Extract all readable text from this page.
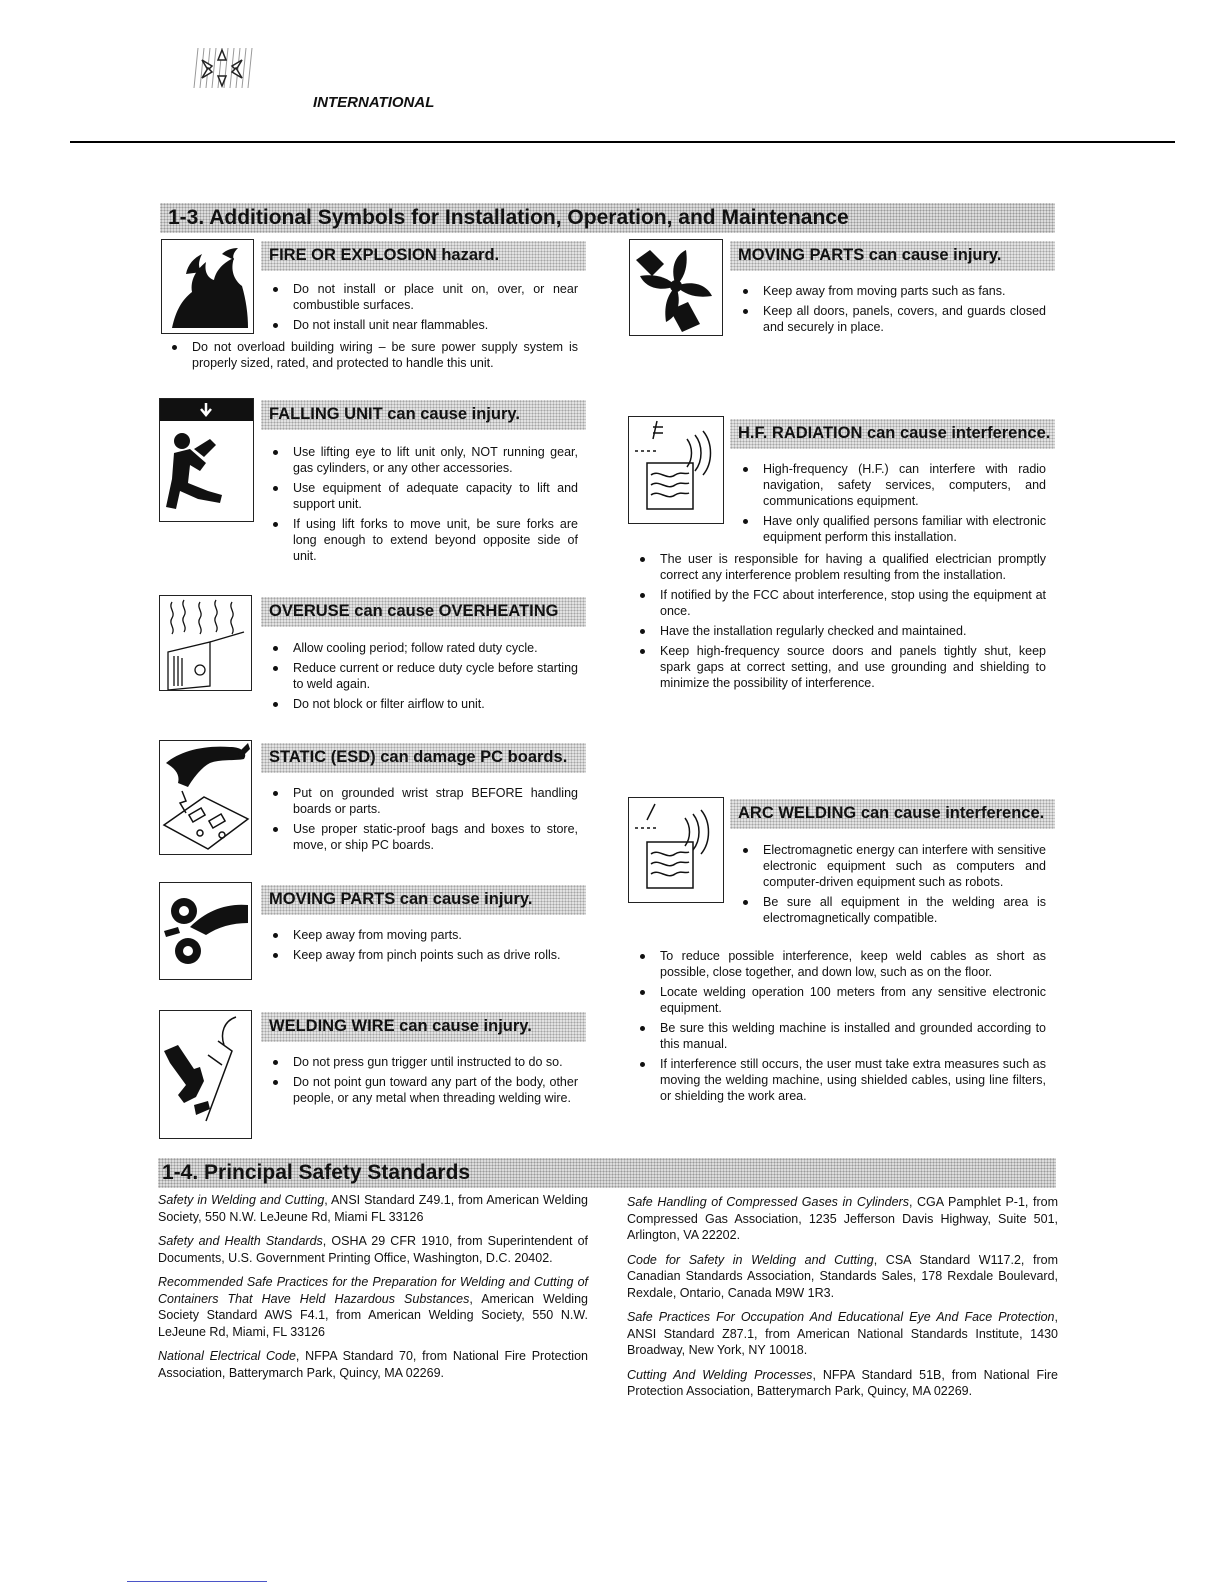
INTERNATIONAL
1-3. Additional Symbols for Installation, Operation, and Maintenance
FIRE OR EXPLOSION hazard.
Do not install or place unit on, over, or near combustible surfaces.
Do not install unit near flammables.
Do not overload building wiring – be sure power supply system is properly sized, rated, and protected to handle this unit.
MOVING PARTS can cause injury.
Keep away from moving parts such as fans.
Keep all doors, panels, covers, and guards closed and securely in place.
FALLING UNIT can cause injury.
Use lifting eye to lift unit only, NOT running gear, gas cylinders, or any other accessories.
Use equipment of adequate capacity to lift and support unit.
If using lift forks to move unit, be sure forks are long enough to extend beyond opposite side of unit.
H.F. RADIATION can cause interference.
High-frequency (H.F.) can interfere with radio navigation, safety services, computers, and communications equipment.
Have only qualified persons familiar with electronic equipment perform this installation.
The user is responsible for having a qualified electrician promptly correct any interference problem resulting from the installation.
If notified by the FCC about interference, stop using the equipment at once.
Have the installation regularly checked and maintained.
Keep high-frequency source doors and panels tightly shut, keep spark gaps at correct setting, and use grounding and shielding to minimize the possibility of interference.
OVERUSE can cause OVERHEATING
Allow cooling period; follow rated duty cycle.
Reduce current or reduce duty cycle before starting to weld again.
Do not block or filter airflow to unit.
STATIC (ESD) can damage PC boards.
Put on grounded wrist strap BEFORE handling boards or parts.
Use proper static-proof bags and boxes to store, move, or ship PC boards.
ARC WELDING can cause interference.
Electromagnetic energy can interfere with sensitive electronic equipment such as computers and computer-driven equipment such as robots.
Be sure all equipment in the welding area is electromagnetically compatible.
To reduce possible interference, keep weld cables as short as possible, close together, and down low, such as on the floor.
Locate welding operation 100 meters from any sensitive electronic equipment.
Be sure this welding machine is installed and grounded according to this manual.
If interference still occurs, the user must take extra measures such as moving the welding machine, using shielded cables, using line filters, or shielding the work area.
MOVING PARTS can cause injury.
Keep away from moving parts.
Keep away from pinch points such as drive rolls.
WELDING WIRE can cause injury.
Do not press gun trigger until instructed to do so.
Do not point gun toward any part of the body, other people, or any metal when threading welding wire.
1-4. Principal Safety Standards

Safety in Welding and Cutting, ANSI Standard Z49.1, from American Welding Society, 550 N.W. LeJeune Rd, Miami FL 33126

Safety and Health Standards, OSHA 29 CFR 1910, from Superintendent of Documents, U.S. Government Printing Office, Washington, D.C. 20402.

Recommended Safe Practices for the Preparation for Welding and Cutting of Containers That Have Held Hazardous Substances, American Welding Society Standard AWS F4.1, from American Welding Society, 550 N.W. LeJeune Rd, Miami, FL 33126

National Electrical Code, NFPA Standard 70, from National Fire Protection Association, Batterymarch Park, Quincy, MA 02269.

Safe Handling of Compressed Gases in Cylinders, CGA Pamphlet P-1, from Compressed Gas Association, 1235 Jefferson Davis Highway, Suite 501, Arlington, VA 22202.

Code for Safety in Welding and Cutting, CSA Standard W117.2, from Canadian Standards Association, Standards Sales, 178 Rexdale Boulevard, Rexdale, Ontario, Canada M9W 1R3.

Safe Practices For Occupation And Educational Eye And Face Protection, ANSI Standard Z87.1, from American National Standards Institute, 1430 Broadway, New York, NY 10018.

Cutting And Welding Processes, NFPA Standard 51B, from National Fire Protection Association, Batterymarch Park, Quincy, MA 02269.
